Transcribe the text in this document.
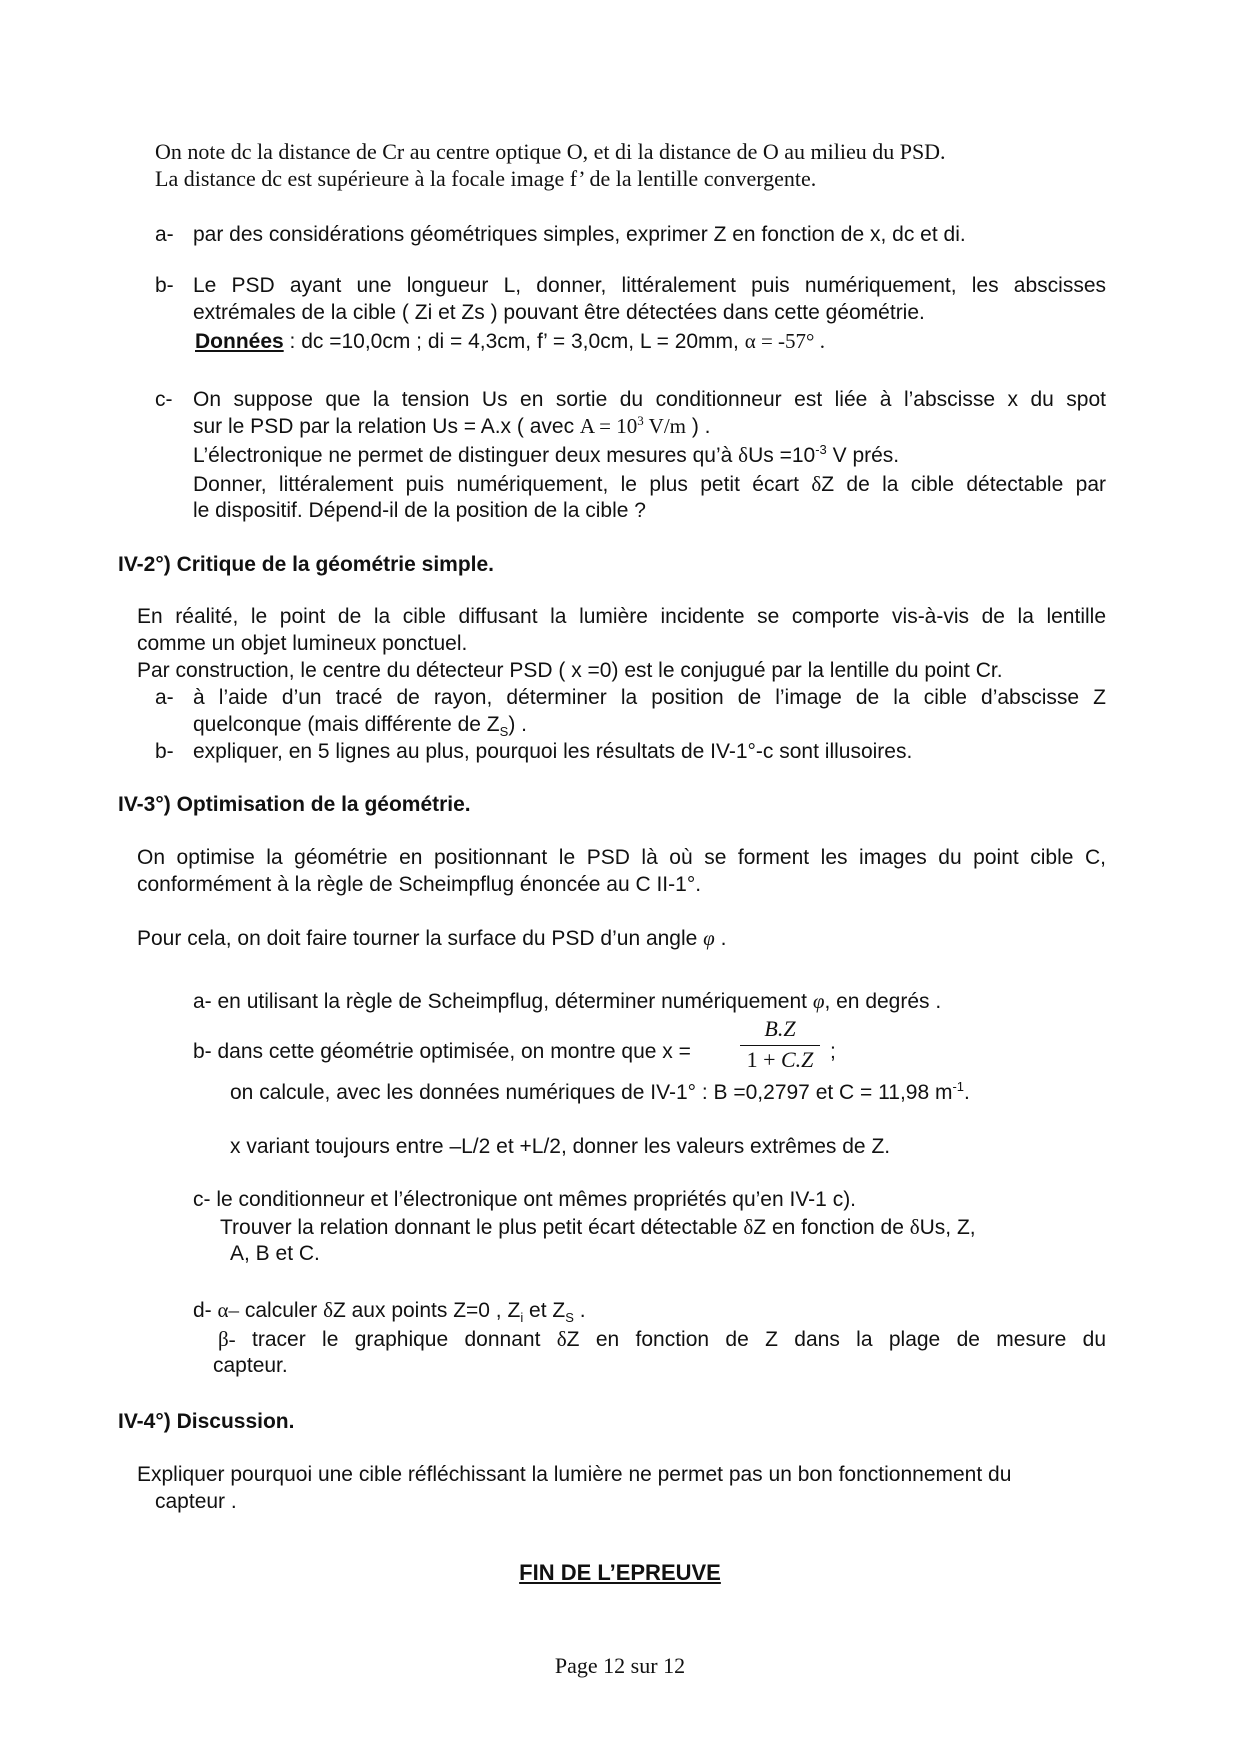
On note dc la distance de Cr au centre optique O, et di la distance de O au milieu du PSD.
La distance dc est supérieure à la focale image f’ de la lentille convergente.
a- par des considérations géométriques simples, exprimer Z en fonction de x, dc et di.
b- Le PSD ayant une longueur L, donner, littéralement puis numériquement, les abscisses
extrémales de la cible ( Zi et Zs ) pouvant être détectées dans cette géométrie.
Données : dc =10,0cm ; di = 4,3cm, f’ = 3,0cm, L = 20mm, α = -57° .
c- On suppose que la tension Us en sortie du conditionneur est liée à l’abscisse x du spot
sur le PSD par la relation Us = A.x ( avec $A = 10^3$ V/m ) .
L’électronique ne permet de distinguer deux mesures qu’à $\delta Us =10^{-3}$ V prés.
Donner, littéralement puis numériquement, le plus petit écart δZ de la cible détectable par
le dispositif. Dépend-il de la position de la cible ?
IV-2°) Critique de la géométrie simple.
En réalité, le point de la cible diffusant la lumière incidente se comporte vis-à-vis de la lentille
comme un objet lumineux ponctuel.
Par construction, le centre du détecteur PSD ( x =0) est le conjugué par la lentille du point Cr.
a- à l’aide d’un tracé de rayon, déterminer la position de l’image de la cible d’abscisse Z
quelconque (mais différente de $Z_S$) .
b- expliquer, en 5 lignes au plus, pourquoi les résultats de IV-1°-c sont illusoires.
IV-3°) Optimisation de la géométrie.
On optimise la géométrie en positionnant le PSD là où se forment les images du point cible C,
conformément à la règle de Scheimpflug énoncée au C II-1°.
Pour cela, on doit faire tourner la surface du PSD d’un angle φ .
a- en utilisant la règle de Scheimpflug, déterminer numériquement φ, en degrés .
b- dans cette géométrie optimisée, on montre que x =
B.Z
1 + C.Z ;
on calcule, avec les données numériques de IV-1° : B =0,2797 et C = 11,98 $m^{-1}$.
x variant toujours entre –L/2 et +L/2, donner les valeurs extrêmes de Z.
c- le conditionneur et l’électronique ont mêmes propriétés qu’en IV-1 c).
Trouver la relation donnant le plus petit écart détectable δZ en fonction de δUs, Z,
A, B et C.
d- α– calculer δZ aux points Z=0 , $Z_i$ et $Z_S$ .
β- tracer le graphique donnant δZ en fonction de Z dans la plage de mesure du
capteur.
IV-4°) Discussion.
Expliquer pourquoi une cible réfléchissant la lumière ne permet pas un bon fonctionnement du
capteur .
FIN DE L’EPREUVE
Page 12 sur 12
